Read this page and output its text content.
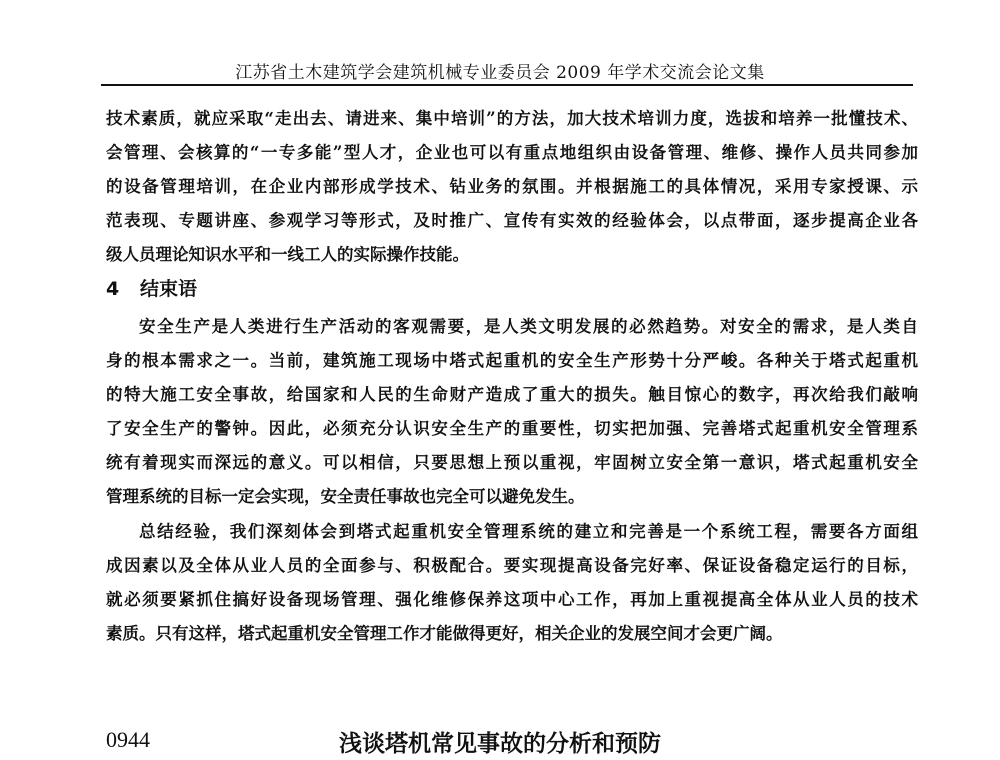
江苏省土木建筑学会建筑机械专业委员会 2009 年学术交流会论文集
技术素质，就应采取“走出去、请进来、集中培训”的方法，加大技术培训力度，选拔和培养一批懂技术、
会管理、会核算的“一专多能”型人才，企业也可以有重点地组织由设备管理、维修、操作人员共同参加
的设备管理培训，在企业内部形成学技术、钻业务的氛围。并根据施工的具体情况，采用专家授课、示
范表现、专题讲座、参观学习等形式，及时推广、宣传有实效的经验体会，以点带面，逐步提高企业各
级人员理论知识水平和一线工人的实际操作技能。
4 结束语
安全生产是人类进行生产活动的客观需要，是人类文明发展的必然趋势。对安全的需求，是人类自
身的根本需求之一。当前，建筑施工现场中塔式起重机的安全生产形势十分严峻。各种关于塔式起重机
的特大施工安全事故，给国家和人民的生命财产造成了重大的损失。触目惊心的数字，再次给我们敲响
了安全生产的警钟。因此，必须充分认识安全生产的重要性，切实把加强、完善塔式起重机安全管理系
统有着现实而深远的意义。可以相信，只要思想上预以重视，牢固树立安全第一意识，塔式起重机安全
管理系统的目标一定会实现，安全责任事故也完全可以避免发生。
总结经验，我们深刻体会到塔式起重机安全管理系统的建立和完善是一个系统工程，需要各方面组
成因素以及全体从业人员的全面参与、积极配合。要实现提高设备完好率、保证设备稳定运行的目标，
就必须要紧抓住搞好设备现场管理、强化维修保养这项中心工作，再加上重视提高全体从业人员的技术
素质。只有这样，塔式起重机安全管理工作才能做得更好，相关企业的发展空间才会更广阔。
0944	浅谈塔机常见事故的分析和预防
